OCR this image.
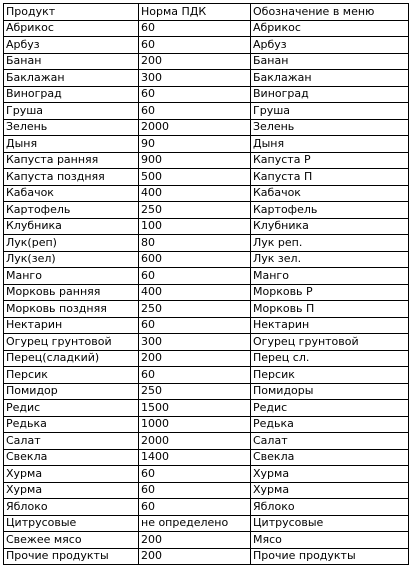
Продукт	Норма ПДК	Обозначение в меню
Абрикос	60	Абрикос
Арбуз	60	Арбуз
Банан	200	Банан
Баклажан	300	Баклажан
Виноград	60	Виноград
Груша	60	Груша
Зелень	2000	Зелень
Дыня	90	Дыня
Капуста ранняя	900	Капуста Р
Капуста поздняя	500	Капуста П
Кабачок	400	Кабачок
Картофель	250	Картофель
Клубника	100	Клубника
Лук(реп)	80	Лук реп.
Лук(зел)	600	Лук зел.
Манго	60	Манго
Морковь ранняя	400	Морковь Р
Морковь поздняя	250	Морковь П
Нектарин	60	Нектарин
Огурец грунтовой	300	Огурец грунтовой
Перец(сладкий)	200	Перец сл.
Персик	60	Персик
Помидор	250	Помидоры
Редис	1500	Редис
Редька	1000	Редька
Салат	2000	Салат
Свекла	1400	Свекла
Хурма	60	Хурма
Хурма	60	Хурма
Яблоко	60	Яблоко
Цитрусовые	не определено	Цитрусовые
Свежее мясо	200	Мясо
Прочие продукты	200	Прочие продукты
